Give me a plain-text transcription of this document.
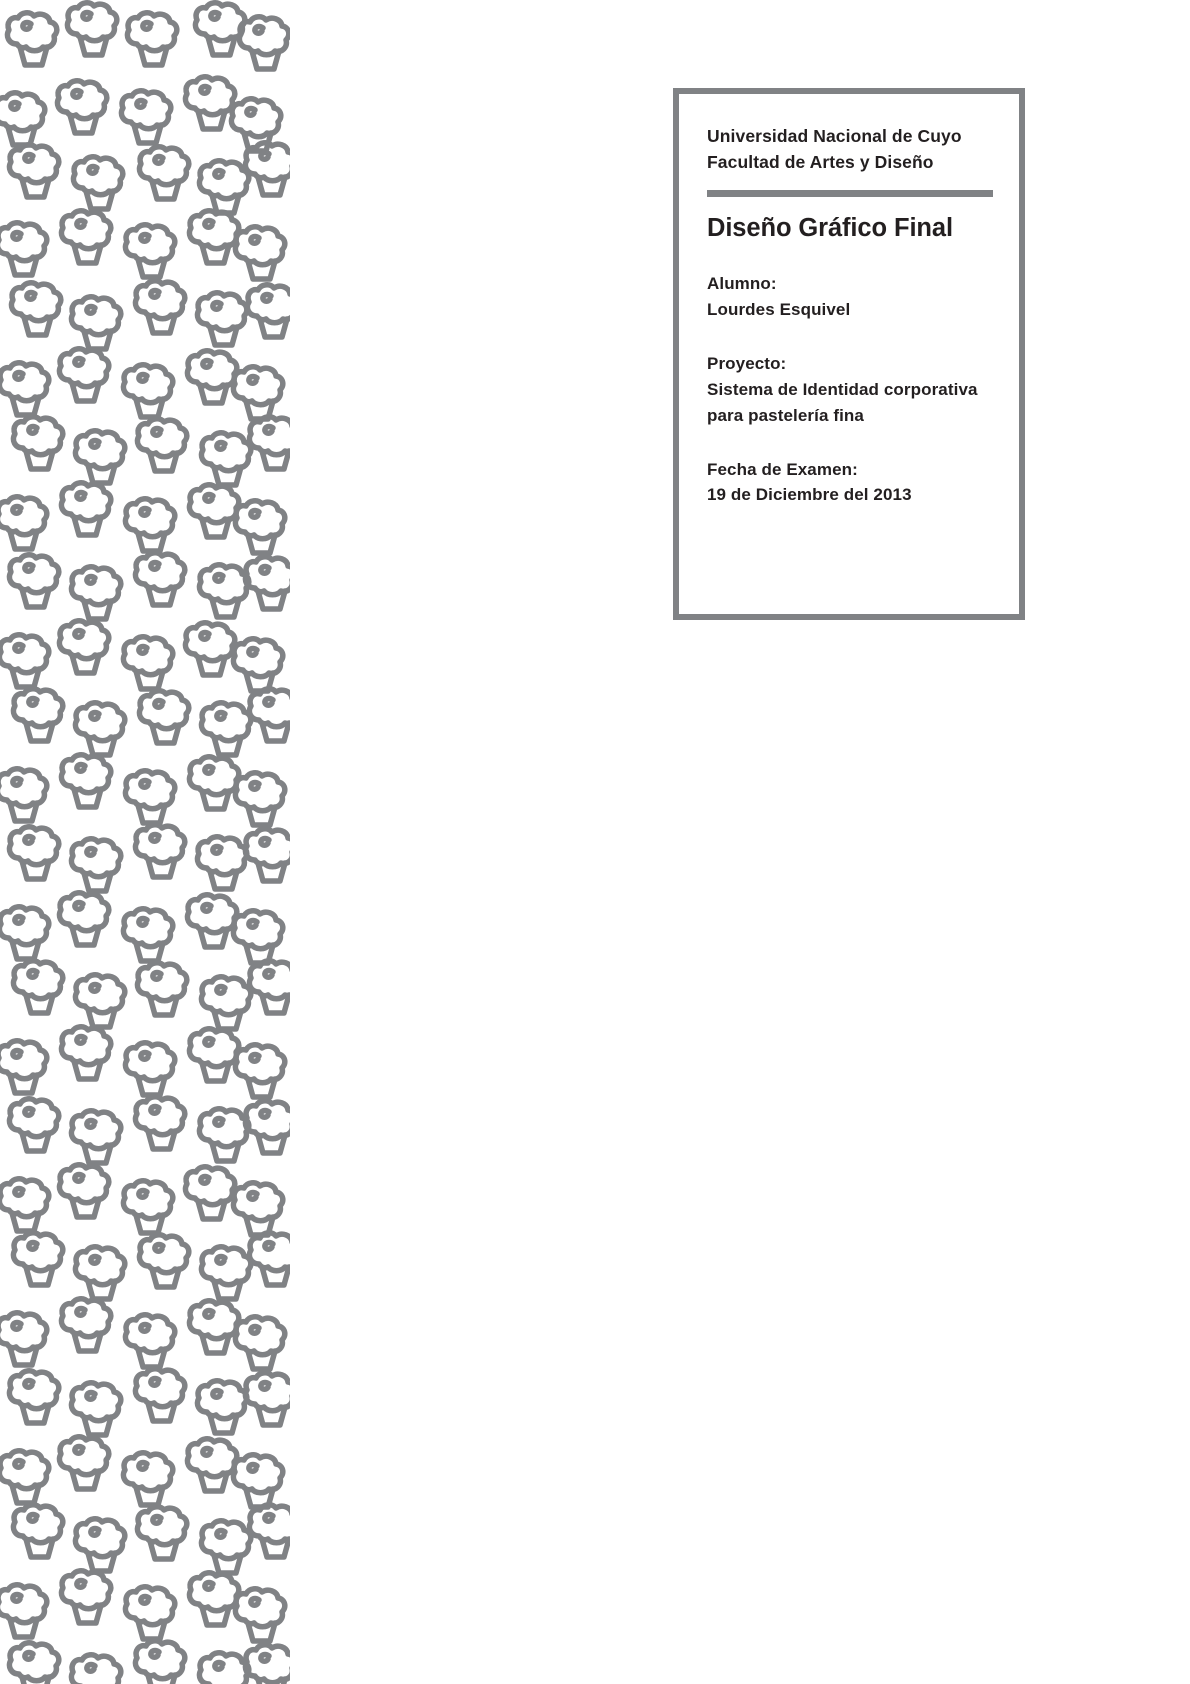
Universidad Nacional de Cuyo
Facultad de Artes y Diseño
Diseño Gráfico Final
Alumno:
Lourdes Esquivel
Proyecto:
Sistema de Identidad corporativa
para pastelería fina
Fecha de Examen:
19 de Diciembre del 2013
